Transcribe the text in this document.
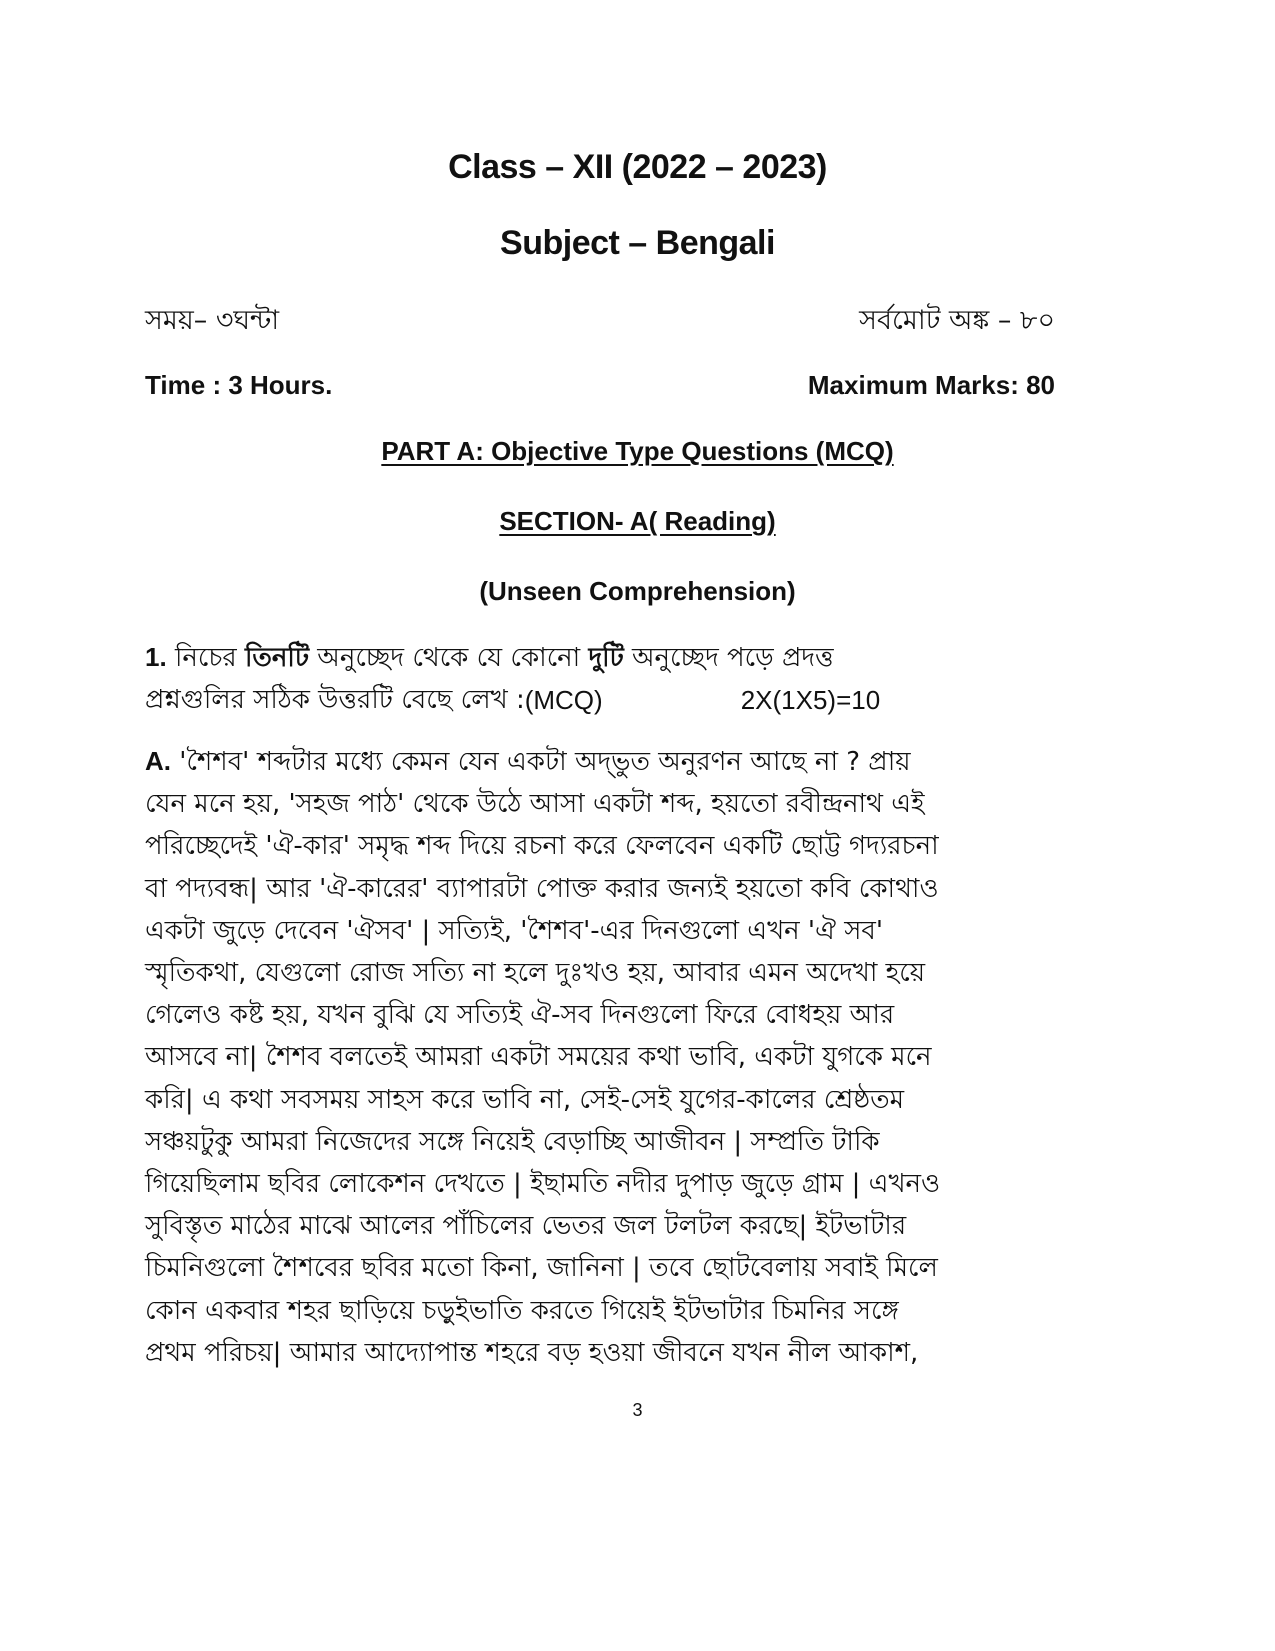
Class – XII (2022 – 2023)
Subject – Bengali
সময়– ৩ঘন্টা	সর্বমোট অঙ্ক – ৮০
Time : 3 Hours.	Maximum Marks: 80
PART A: Objective Type Questions (MCQ)
SECTION- A( Reading)
(Unseen Comprehension)
1. নিচের তিনটি অনুচ্ছেদ থেকে যে কোনো দুটি অনুচ্ছেদ পড়ে প্রদত্ত
প্রশ্নগুলির সঠিক উত্তরটি বেছে লেখ : (MCQ)	2X(1X5)=10
A. 'শৈশব' শব্দটার মধ্যে কেমন যেন একটা অদ্‌ভুত অনুরণন আছে না ? প্রায়
যেন মনে হয়, 'সহজ পাঠ' থেকে উঠে আসা একটা শব্দ, হয়তো রবীন্দ্রনাথ এই
পরিচ্ছেদেই 'ঐ-কার' সমৃদ্ধ শব্দ দিয়ে রচনা করে ফেলবেন একটি ছোট্ট গদ্যরচনা
বা পদ্যবন্ধ| আর 'ঐ-কারের' ব্যাপারটা পোক্ত করার জন্যই হয়তো কবি কোথাও
একটা জুড়ে দেবেন 'ঐসব' | সত্যিই, 'শৈশব'-এর দিনগুলো এখন 'ঐ সব'
স্মৃতিকথা, যেগুলো রোজ সত্যি না হলে দুঃখও হয়, আবার এমন অদেখা হয়ে
গেলেও কষ্ট হয়, যখন বুঝি যে সত্যিই ঐ-সব দিনগুলো ফিরে বোধহয় আর
আসবে না| শৈশব বলতেই আমরা একটা সময়ের কথা ভাবি, একটা যুগকে মনে
করি| এ কথা সবসময় সাহস করে ভাবি না, সেই-সেই যুগের-কালের শ্রেষ্ঠতম
সঞ্চয়টুকু আমরা নিজেদের সঙ্গে নিয়েই বেড়াচ্ছি আজীবন | সম্প্রতি টাকি
গিয়েছিলাম ছবির লোকেশন দেখতে | ইছামতি নদীর দুপাড় জুড়ে গ্রাম | এখনও
সুবিস্তৃত মাঠের মাঝে আলের পাঁচিলের ভেতর জল টলটল করছে| ইটভাটার
চিমনিগুলো শৈশবের ছবির মতো কিনা, জানিনা | তবে ছোটবেলায় সবাই মিলে
কোন একবার শহর ছাড়িয়ে চড়ুইভাতি করতে গিয়েই ইটভাটার চিমনির সঙ্গে
প্রথম পরিচয়| আমার আদ্যোপান্ত শহরে বড় হওয়া জীবনে যখন নীল আকাশ,
3
